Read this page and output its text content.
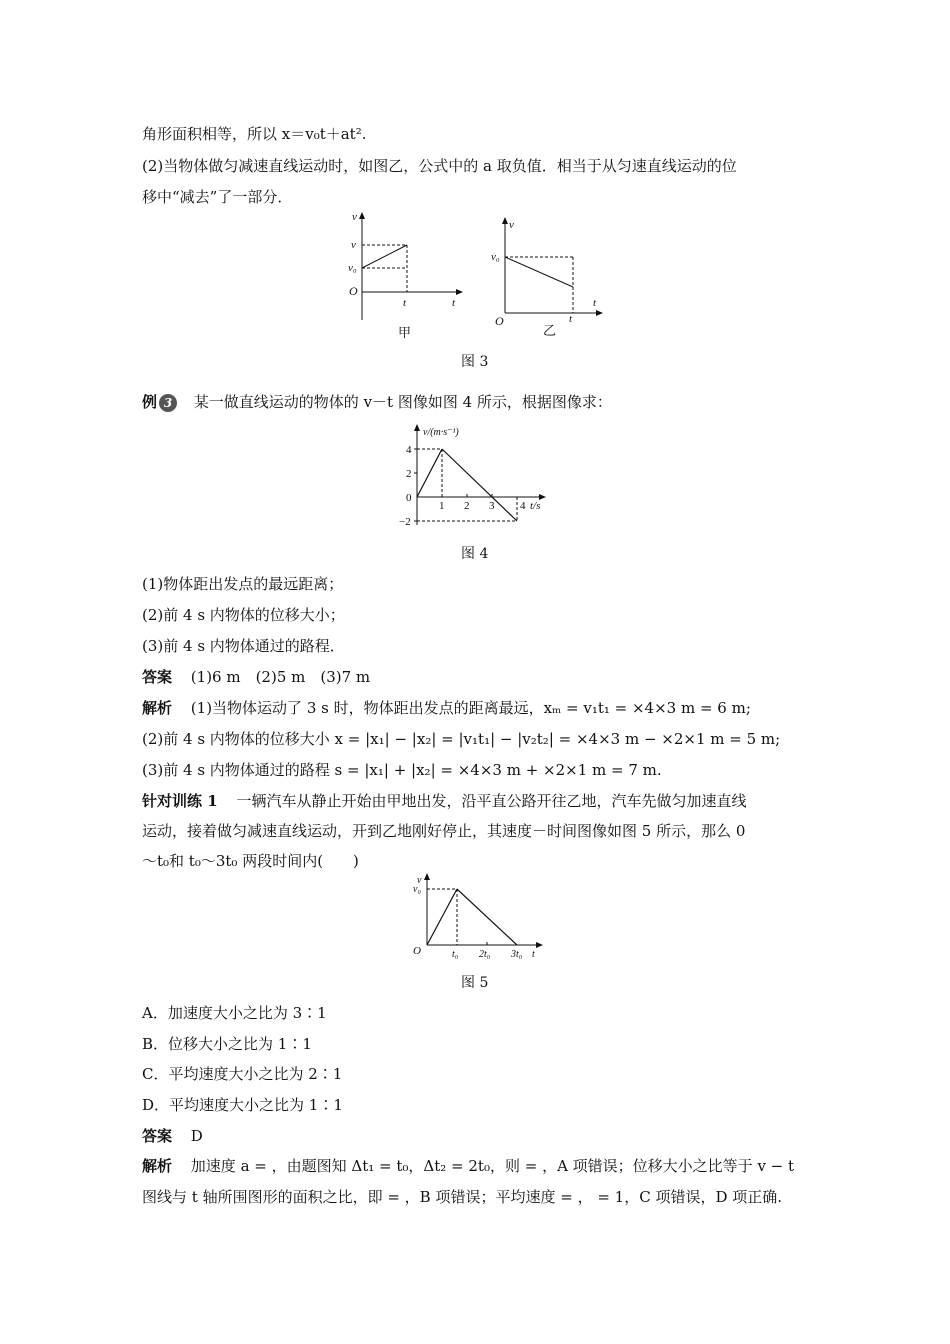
角形面积相等，所以 x＝v₀t＋at².
(2)当物体做匀减速直线运动时，如图乙，公式中的 a 取负值．相当于从匀速直线运动的位
移中“减去”了一部分．
v
v
v₀
O
t	t
甲
v
v₀
O	t
t
乙
图 3
例 3 某一做直线运动的物体的 v－t 图像如图 4 所示，根据图像求：
v/(m·s⁻¹)
4
2
0
−2
1 2 3 4 t/s
图 4
(1)物体距出发点的最远距离；
(2)前 4 s 内物体的位移大小；
(3)前 4 s 内物体通过的路程．
答案 (1)6 m　(2)5 m　(3)7 m
解析 (1)当物体运动了 3 s 时，物体距出发点的距离最远，xₘ = v₁t₁ = ×4×3 m = 6 m;
(2)前 4 s 内物体的位移大小 x = |x₁| − |x₂| = |v₁t₁| − |v₂t₂| = ×4×3 m − ×2×1 m = 5 m;
(3)前 4 s 内物体通过的路程 s = |x₁| + |x₂| = ×4×3 m + ×2×1 m = 7 m.
针对训练 1 一辆汽车从静止开始由甲地出发，沿平直公路开往乙地，汽车先做匀加速直线
运动，接着做匀减速直线运动，开到乙地刚好停止，其速度－时间图像如图 5 所示，那么 0
～t₀和 t₀～3t₀ 两段时间内(　　)
v
v₀
O	t₀ 2t₀ 3t₀ t
图 5
A．加速度大小之比为 3∶1
B．位移大小之比为 1∶1
C．平均速度大小之比为 2∶1
D．平均速度大小之比为 1∶1
答案 D
解析 加速度 a = ，由题图知 Δt₁ = t₀，Δt₂ = 2t₀，则 = ，A 项错误；位移大小之比等于 v − t
图线与 t 轴所围图形的面积之比，即 = ，B 项错误；平均速度 = ， = 1，C 项错误，D 项正确.
